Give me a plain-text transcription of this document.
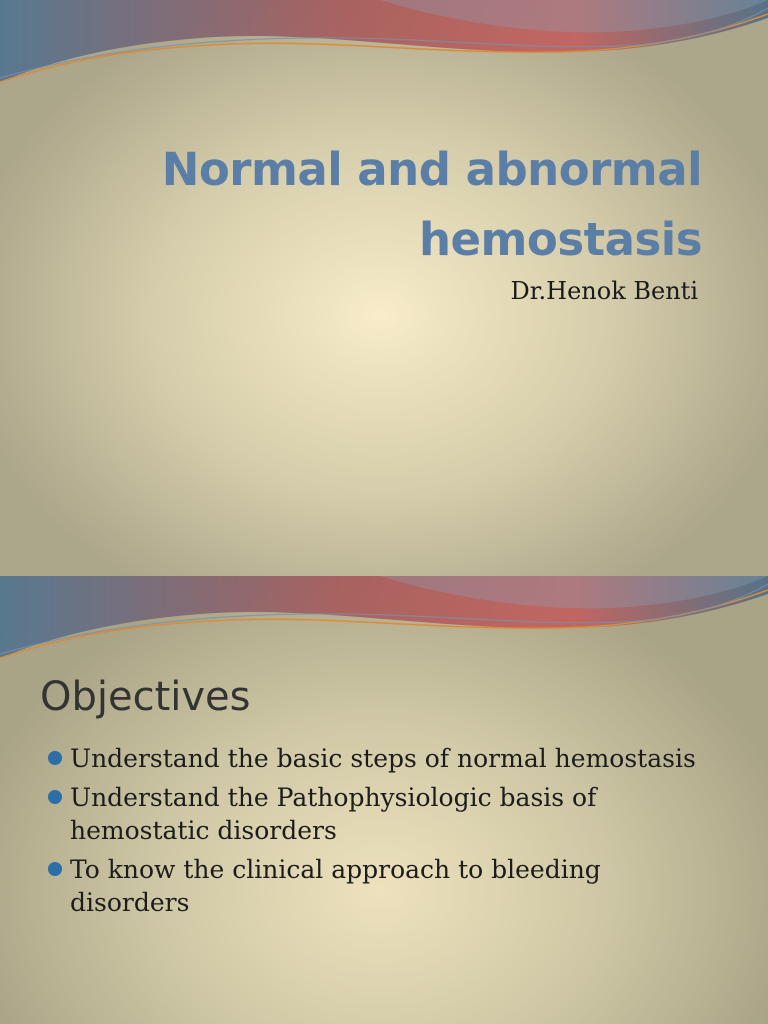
Normal and abnormal hemostasis
Dr.Henok Benti
Objectives
Understand the basic steps of normal hemostasis
Understand the Pathophysiologic basis of hemostatic disorders
To know the clinical approach to bleeding disorders
